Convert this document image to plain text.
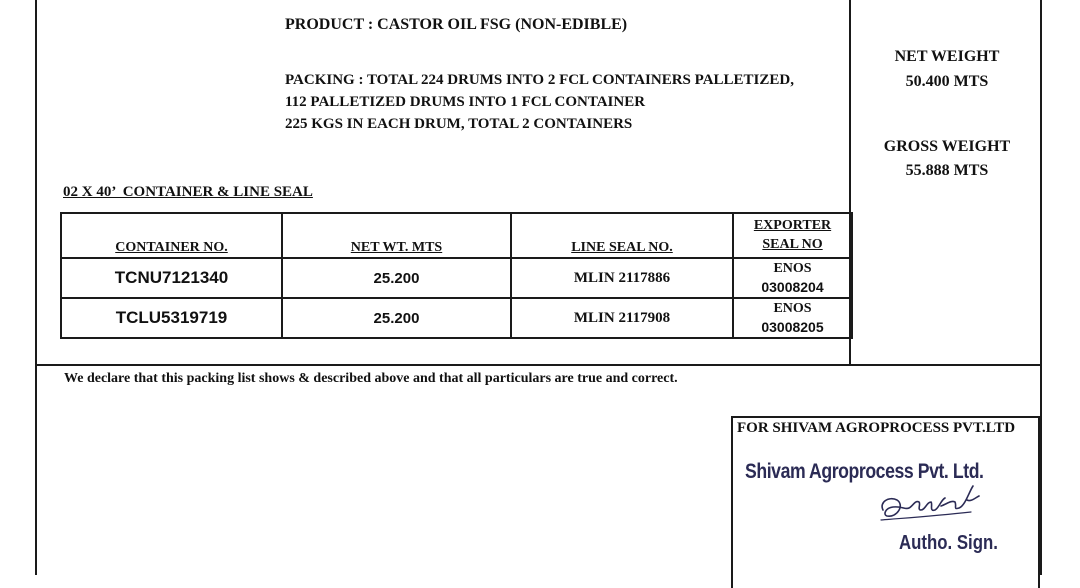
PRODUCT : CASTOR OIL FSG (NON-EDIBLE)
PACKING : TOTAL 224 DRUMS INTO 2 FCL CONTAINERS PALLETIZED,
112 PALLETIZED DRUMS INTO 1 FCL CONTAINER
225 KGS IN EACH DRUM, TOTAL 2 CONTAINERS
NET WEIGHT
50.400 MTS
GROSS WEIGHT
55.888 MTS
02 X 40’  CONTAINER & LINE SEAL
CONTAINER NO.	NET WT. MTS	LINE SEAL NO.	EXPORTER
SEAL NO
TCNU7121340	25.200	MLIN 2117886	ENOS
03008204

TCLU5319719	25.200	MLIN 2117908	ENOS
03008205
We declare that this packing list shows & described above and that all particulars are true and correct.
FOR SHIVAM AGROPROCESS PVT.LTD
Shivam Agroprocess Pvt. Ltd.
Autho. Sign.
